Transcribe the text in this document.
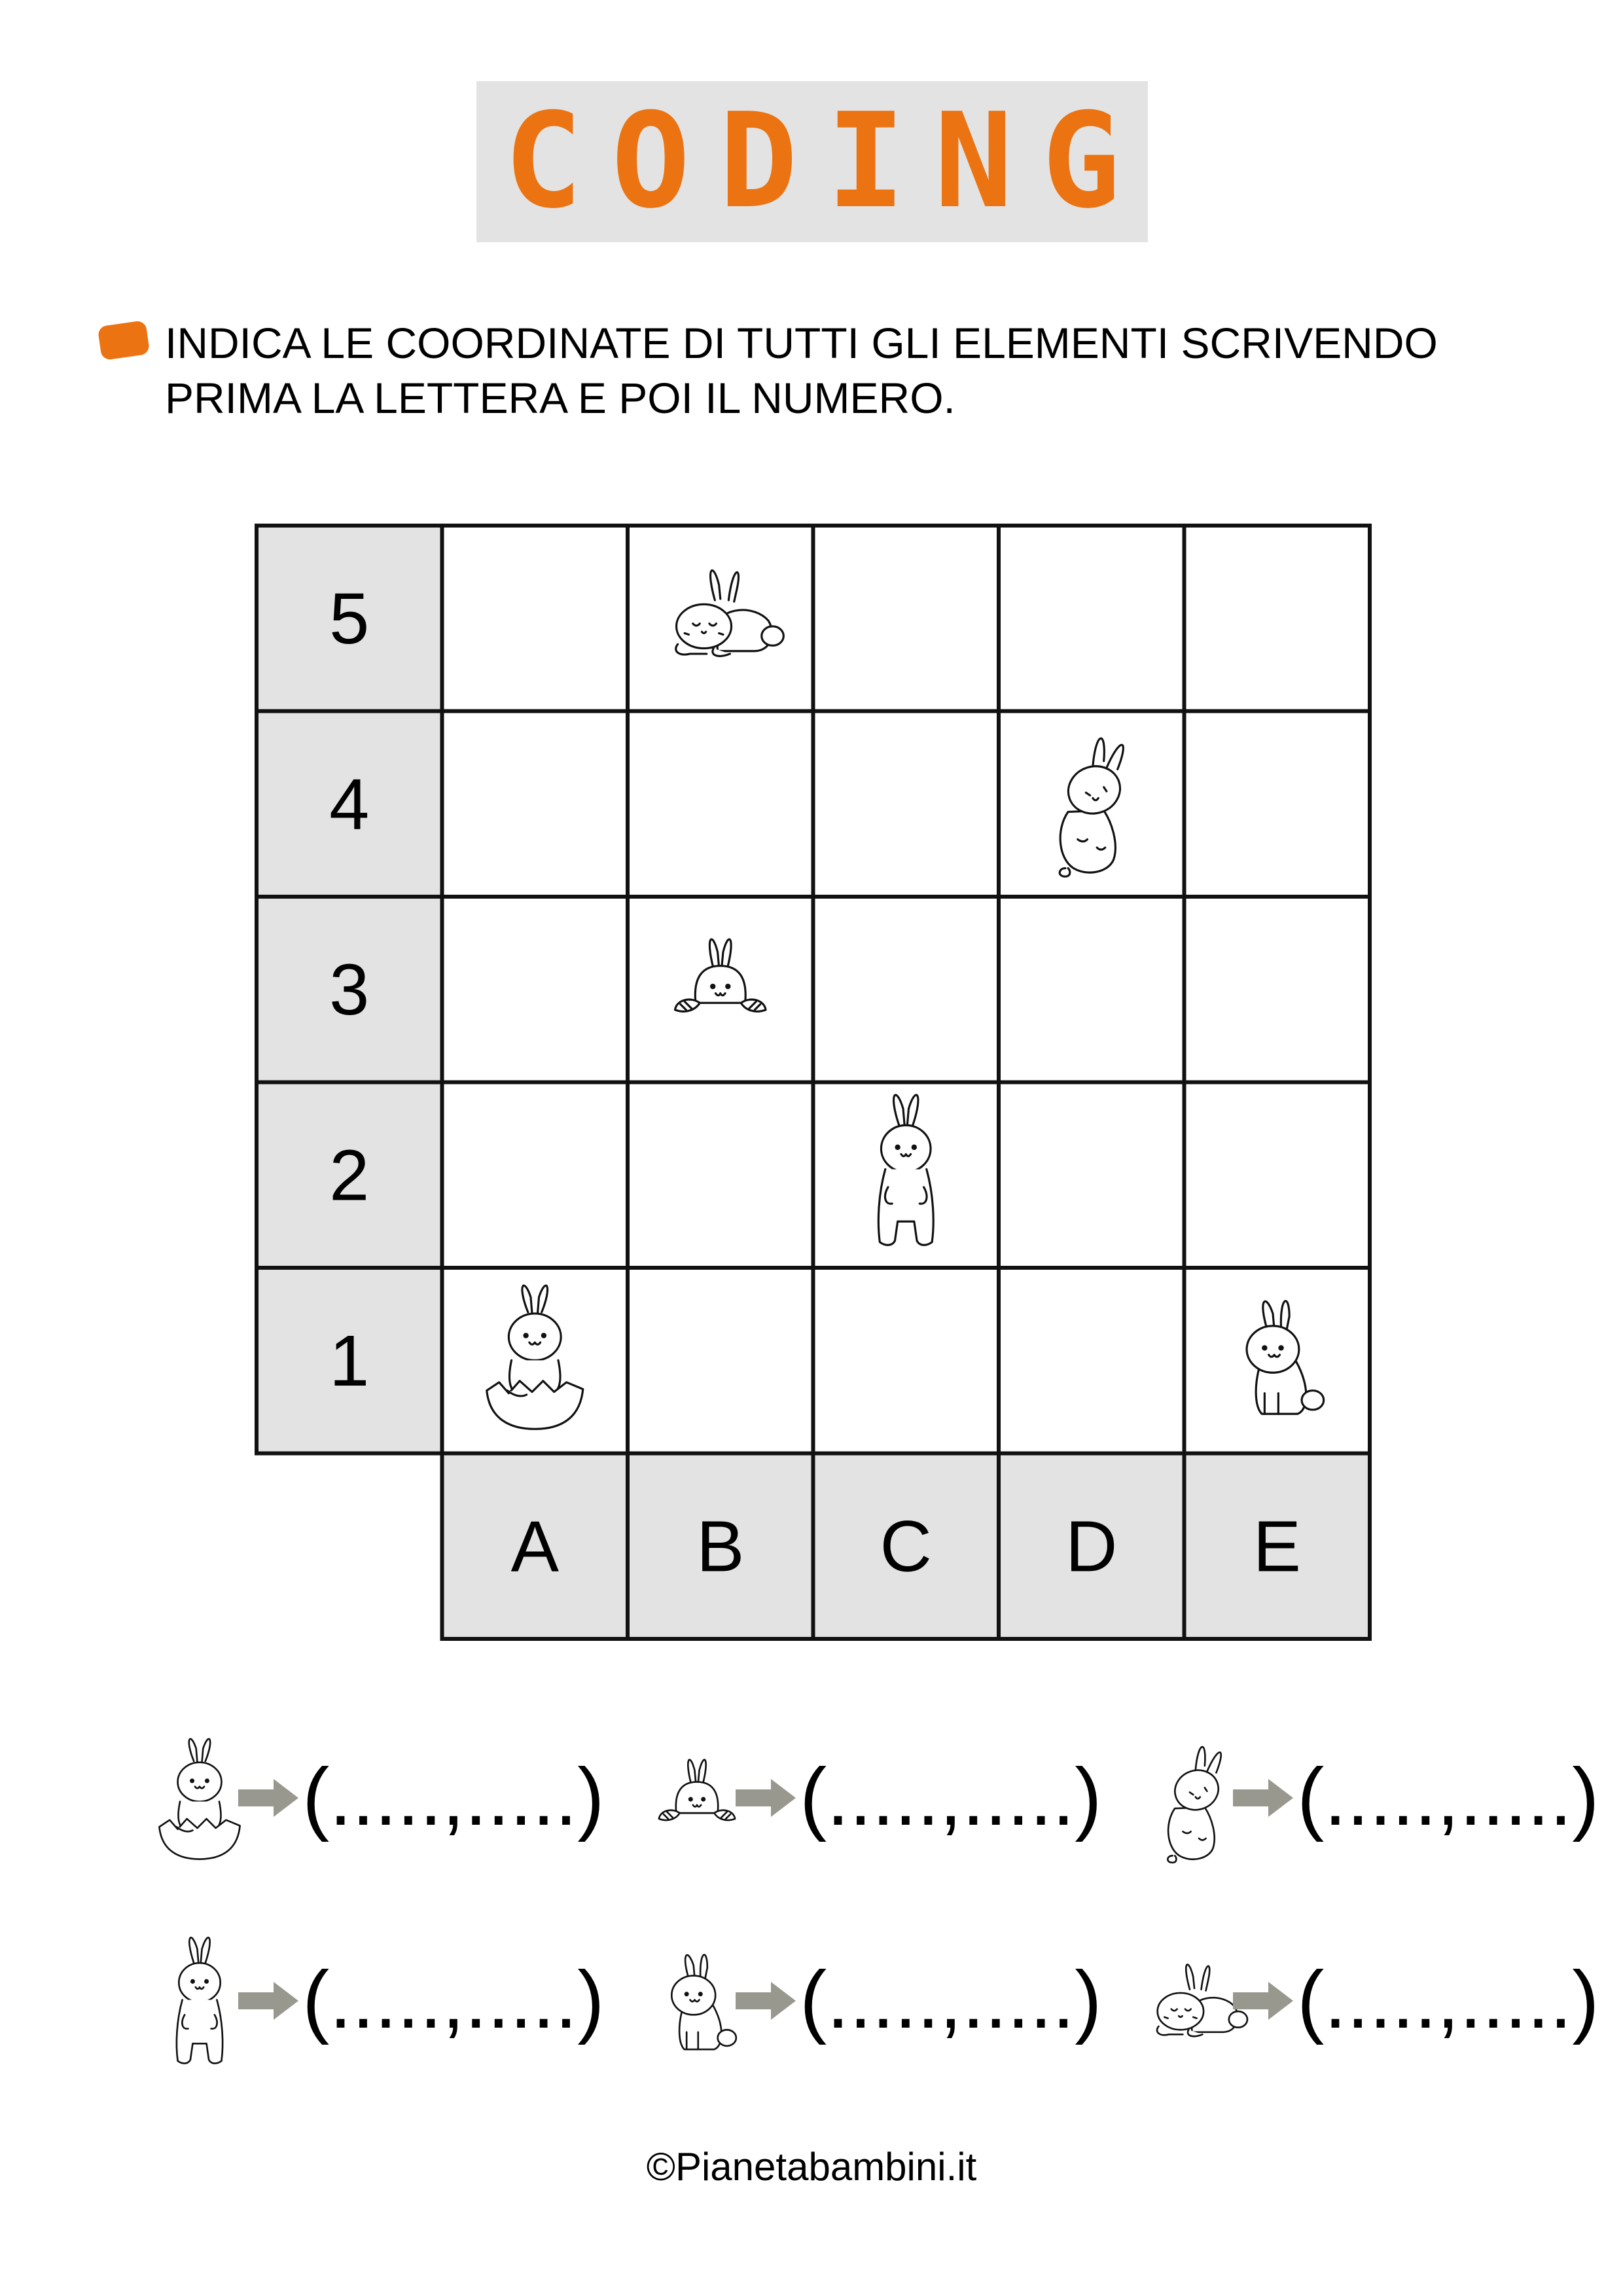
CODING
INDICA LE COORDINATE DI TUTTI GLI ELEMENTI SCRIVENDO
PRIMA LA LETTERA E POI IL NUMERO.
5
4
3
2
1
A B C D E
(.....,.....) (.....,.....) (.....,.....)
(.....,.....) (.....,.....) (.....,.....)
©Pianetabambini.it
